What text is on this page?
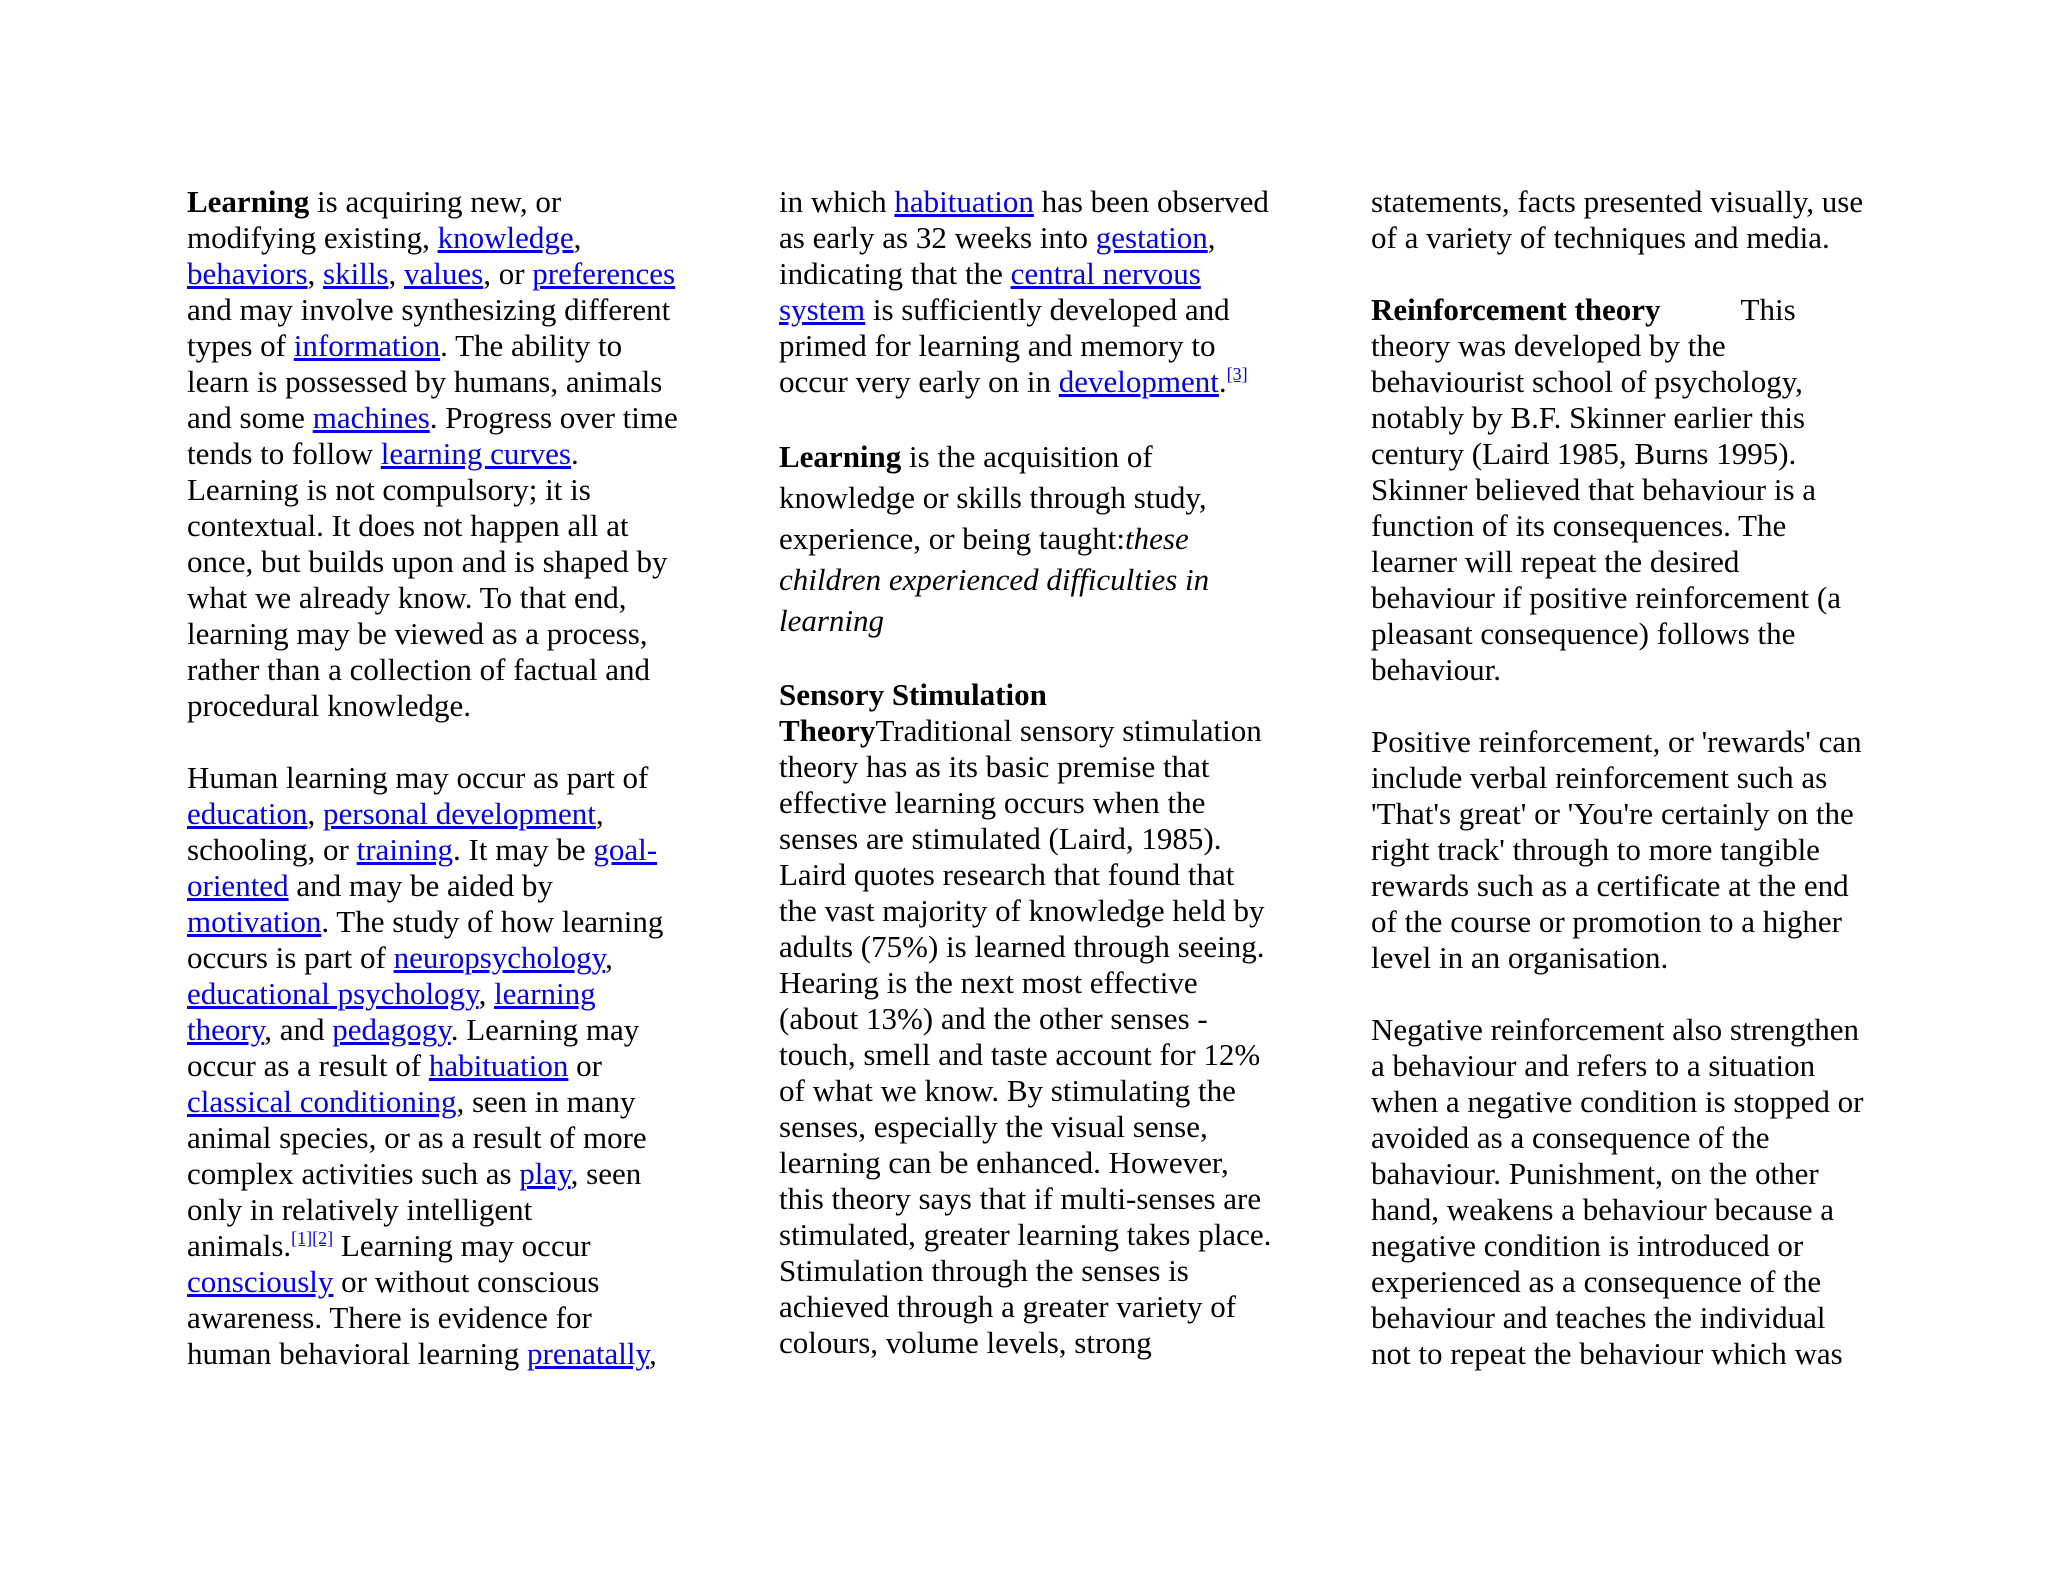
Learning is acquiring new, or
modifying existing, knowledge,
behaviors, skills, values, or preferences
and may involve synthesizing different
types of information. The ability to
learn is possessed by humans, animals
and some machines. Progress over time
tends to follow learning curves.
Learning is not compulsory; it is
contextual. It does not happen all at
once, but builds upon and is shaped by
what we already know. To that end,
learning may be viewed as a process,
rather than a collection of factual and
procedural knowledge.

Human learning may occur as part of
education, personal development,
schooling, or training. It may be goal-
oriented and may be aided by
motivation. The study of how learning
occurs is part of neuropsychology,
educational psychology, learning
theory, and pedagogy. Learning may
occur as a result of habituation or
classical conditioning, seen in many
animal species, or as a result of more
complex activities such as play, seen
only in relatively intelligent
animals.[1][2] Learning may occur
consciously or without conscious
awareness. There is evidence for
human behavioral learning prenatally,

in which habituation has been observed
as early as 32 weeks into gestation,
indicating that the central nervous
system is sufficiently developed and
primed for learning and memory to
occur very early on in development.[3]

Learning is the acquisition of
knowledge or skills through study,
experience, or being taught:these
children experienced difficulties in
learning

Sensory Stimulation
TheoryTraditional sensory stimulation
theory has as its basic premise that
effective learning occurs when the
senses are stimulated (Laird, 1985).
Laird quotes research that found that
the vast majority of knowledge held by
adults (75%) is learned through seeing.
Hearing is the next most effective
(about 13%) and the other senses -
touch, smell and taste account for 12%
of what we know. By stimulating the
senses, especially the visual sense,
learning can be enhanced. However,
this theory says that if multi-senses are
stimulated, greater learning takes place.
Stimulation through the senses is
achieved through a greater variety of
colours, volume levels, strong

statements, facts presented visually, use
of a variety of techniques and media.

Reinforcement theory	This
theory was developed by the
behaviourist school of psychology,
notably by B.F. Skinner earlier this
century (Laird 1985, Burns 1995).
Skinner believed that behaviour is a
function of its consequences. The
learner will repeat the desired
behaviour if positive reinforcement (a
pleasant consequence) follows the
behaviour.

Positive reinforcement, or 'rewards' can
include verbal reinforcement such as
'That's great' or 'You're certainly on the
right track' through to more tangible
rewards such as a certificate at the end
of the course or promotion to a higher
level in an organisation.

Negative reinforcement also strengthen
a behaviour and refers to a situation
when a negative condition is stopped or
avoided as a consequence of the
bahaviour. Punishment, on the other
hand, weakens a behaviour because a
negative condition is introduced or
experienced as a consequence of the
behaviour and teaches the individual
not to repeat the behaviour which was
